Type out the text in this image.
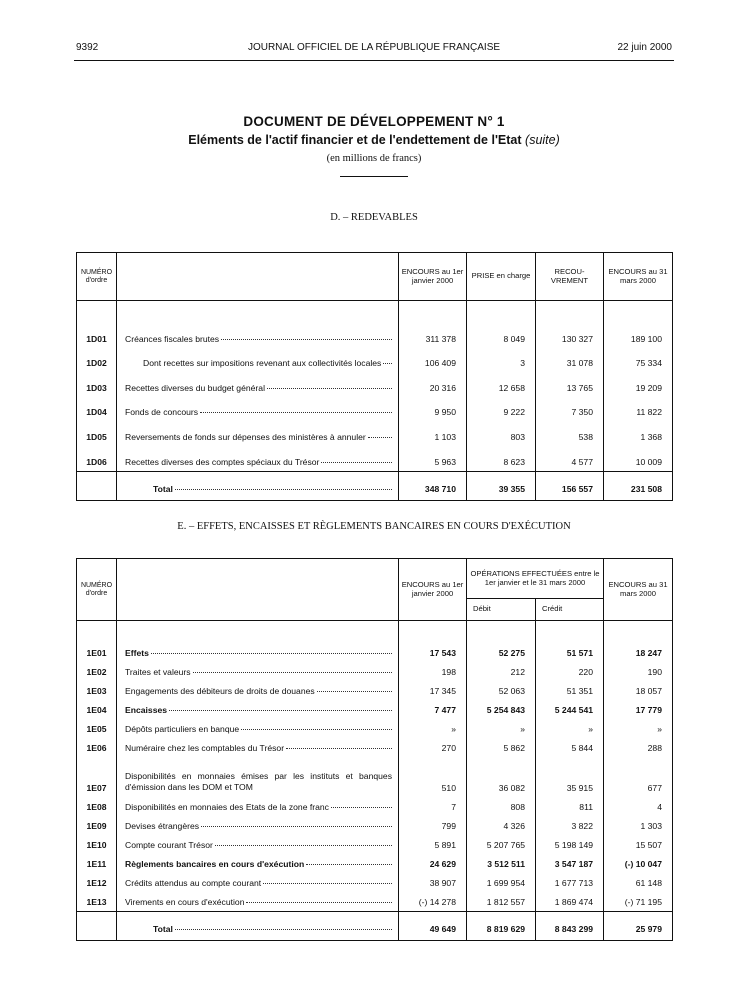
9392	JOURNAL OFFICIEL DE LA RÉPUBLIQUE FRANÇAISE	22 juin 2000
DOCUMENT DE DÉVELOPPEMENT N° 1
Eléments de l'actif financier et de l'endettement de l'Etat (suite)
(en millions de francs)
D. – REDEVABLES
NUMÉRO d'ordre		ENCOURS au 1er janvier 2000	PRISE en charge	RECOU- VREMENT	ENCOURS au 31 mars 2000

1D01	Créances fiscales brutes	311 378	8 049	130 327	189 100
1D02	Dont recettes sur impositions revenant aux collectivités locales	106 409	3	31 078	75 334
1D03	Recettes diverses du budget général	20 316	12 658	13 765	19 209
1D04	Fonds de concours	9 950	9 222	7 350	11 822
1D05	Reversements de fonds sur dépenses des ministères à annuler	1 103	803	538	1 368
1D06	Recettes diverses des comptes spéciaux du Trésor	5 963	8 623	4 577	10 009

	Total	348 710	39 355	156 557	231 508
E. – EFFETS, ENCAISSES ET RÈGLEMENTS BANCAIRES EN COURS D'EXÉCUTION
NUMÉRO d'ordre		ENCOURS au 1er janvier 2000	OPÉRATIONS EFFECTUÉES entre le 1er janvier et le 31 mars 2000		ENCOURS au 31 mars 2000
			Débit	Crédit	

1E01	Effets	17 543	52 275	51 571	18 247
1E02	Traites et valeurs	198	212	220	190
1E03	Engagements des débiteurs de droits de douanes	17 345	52 063	51 351	18 057
1E04	Encaisses	7 477	5 254 843	5 244 541	17 779
1E05	Dépôts particuliers en banque	»	»	»	»
1E06	Numéraire chez les comptables du Trésor	270	5 862	5 844	288
1E07	Disponibilités en monnaies émises par les instituts et banques d'émission dans les DOM et TOM	510	36 082	35 915	677
1E08	Disponibilités en monnaies des Etats de la zone franc	7	808	811	4
1E09	Devises étrangères	799	4 326	3 822	1 303
1E10	Compte courant Trésor	5 891	5 207 765	5 198 149	15 507
1E11	Règlements bancaires en cours d'exécution	24 629	3 512 511	3 547 187	(-) 10 047
1E12	Crédits attendus au compte courant	38 907	1 699 954	1 677 713	61 148
1E13	Virements en cours d'exécution	(-) 14 278	1 812 557	1 869 474	(-) 71 195

	Total	49 649	8 819 629	8 843 299	25 979
